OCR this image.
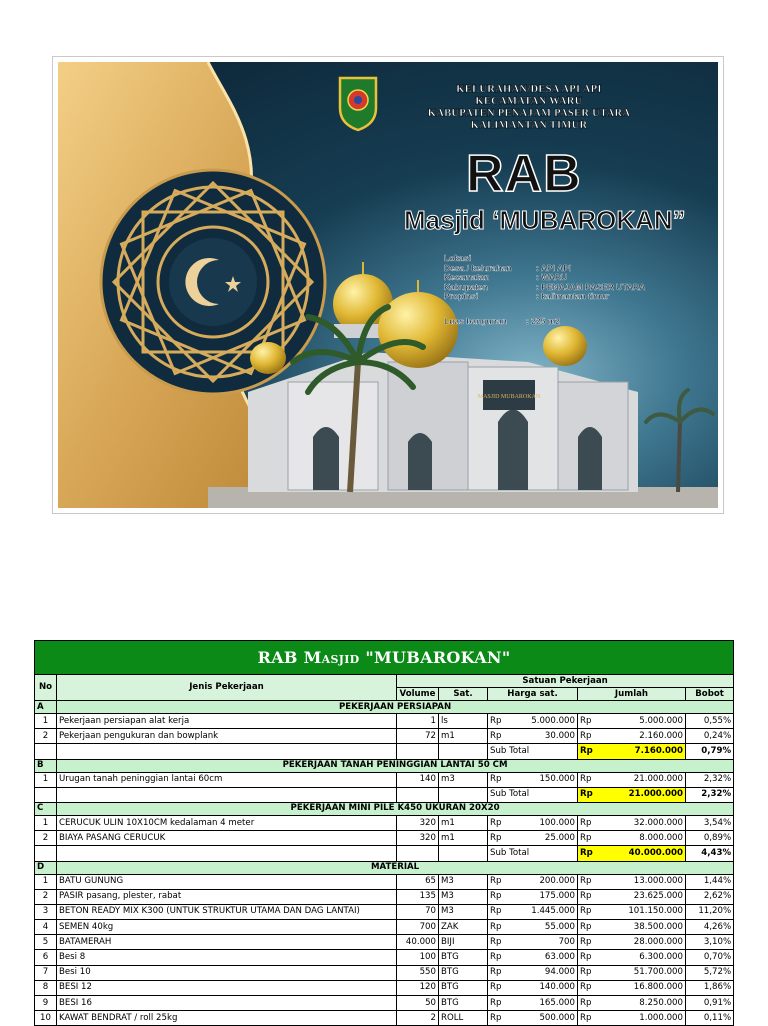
MASJID MUBAROKAN
KELURAHAN/DESA API API
KECAMATAN WARU
KABUPATEN PENAJAM PASER UTARA
KALIMANTAN TIMUR
RAB
Masjid ‘MUBAROKAN”
Lokasi
Desa / kelurahan	: API API
Kecamatan	: WARU
Kabupaten	: PENAJAM PASER UTARA
Propinsi	: kalimantan timur
Luas bangunan : 225 m2
RAB Masjid "MUBAROKAN"								
No	Jenis Pekerjaan	Satuan Pekerjaan						
		Volume	Sat.	Harga sat.		Jumlah		Bobot
A	PEKERJAAN PERSIAPAN							
1	Pekerjaan persiapan alat kerja	1	ls	Rp	5.000.000	Rp	5.000.000	0,55%
2	Pekerjaan pengukuran dan bowplank	72	m1	Rp	30.000	Rp	2.160.000	0,24%
				Sub Total		Rp	7.160.000	0,79%
B	PEKERJAAN TANAH PENINGGIAN LANTAI 50 CM							
1	Urugan tanah peninggian lantai 60cm	140	m3	Rp	150.000	Rp	21.000.000	2,32%
				Sub Total		Rp	21.000.000	2,32%
C	PEKERJAAN MINI PILE K450 UKURAN 20X20							
1	CERUCUK ULIN 10X10CM kedalaman 4 meter	320	m1	Rp	100.000	Rp	32.000.000	3,54%
2	BIAYA PASANG CERUCUK	320	m1	Rp	25.000	Rp	8.000.000	0,89%
				Sub Total		Rp	40.000.000	4,43%
D	MATERIAL							
1	BATU GUNUNG	65	M3	Rp	200.000	Rp	13.000.000	1,44%
2	PASIR pasang, plester, rabat	135	M3	Rp	175.000	Rp	23.625.000	2,62%
3	BETON READY MIX K300 (UNTUK STRUKTUR UTAMA DAN DAG LANTAI)	70	M3	Rp	1.445.000	Rp	101.150.000	11,20%
4	SEMEN 40kg	700	ZAK	Rp	55.000	Rp	38.500.000	4,26%
5	BATAMERAH	40.000	BIJI	Rp	700	Rp	28.000.000	3,10%
6	Besi 8	100	BTG	Rp	63.000	Rp	6.300.000	0,70%
7	Besi 10	550	BTG	Rp	94.000	Rp	51.700.000	5,72%
8	BESI 12	120	BTG	Rp	140.000	Rp	16.800.000	1,86%
9	BESI 16	50	BTG	Rp	165.000	Rp	8.250.000	0,91%
10	KAWAT BENDRAT / roll 25kg	2	ROLL	Rp	500.000	Rp	1.000.000	0,11%
